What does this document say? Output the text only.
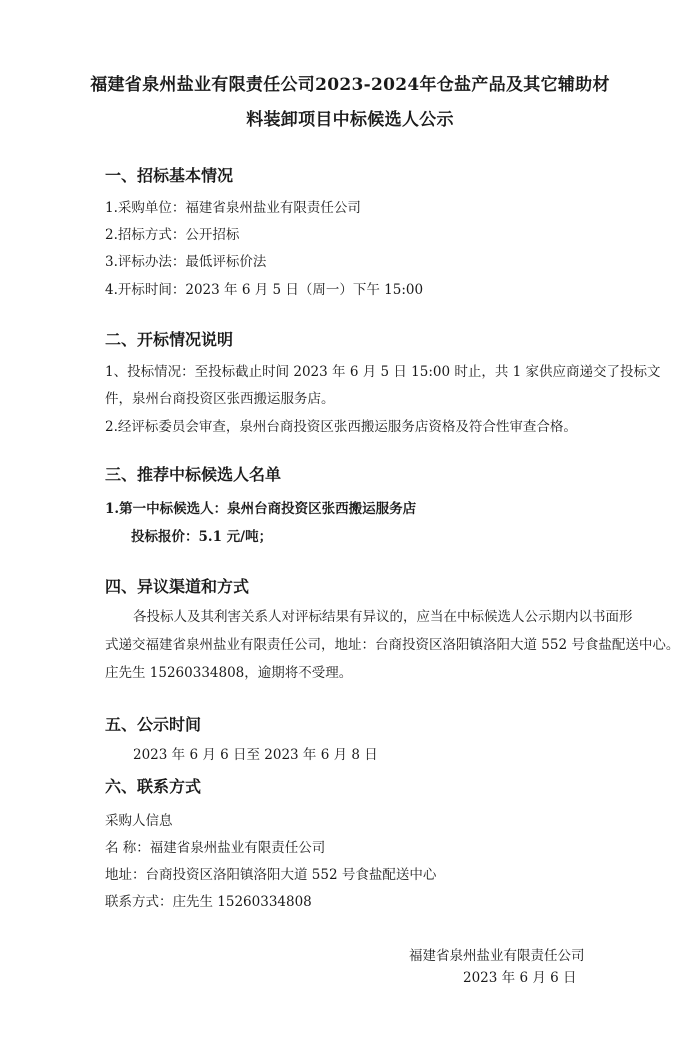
福建省泉州盐业有限责任公司2023-2024年仓盐产品及其它辅助材
料装卸项目中标候选人公示
一、招标基本情况
1.采购单位：福建省泉州盐业有限责任公司
2.招标方式：公开招标
3.评标办法：最低评标价法
4.开标时间：2023 年 6 月 5 日（周一）下午 15:00
二、开标情况说明
1、投标情况：至投标截止时间 2023 年 6 月 5 日 15:00 时止，共 1 家供应商递交了投标文
件，泉州台商投资区张西搬运服务店。
2.经评标委员会审查，泉州台商投资区张西搬运服务店资格及符合性审查合格。
三、推荐中标候选人名单
1.第一中标候选人：泉州台商投资区张西搬运服务店
投标报价：5.1 元/吨；
四、异议渠道和方式
各投标人及其利害关系人对评标结果有异议的，应当在中标候选人公示期内以书面形
式递交福建省泉州盐业有限责任公司，地址：台商投资区洛阳镇洛阳大道 552 号食盐配送中心。
庄先生 15260334808，逾期将不受理。
五、公示时间
2023 年 6 月 6 日至 2023 年 6 月 8 日
六、联系方式
采购人信息
名 称：福建省泉州盐业有限责任公司
地址：台商投资区洛阳镇洛阳大道 552 号食盐配送中心
联系方式：庄先生 15260334808
福建省泉州盐业有限责任公司
2023 年 6 月 6 日
